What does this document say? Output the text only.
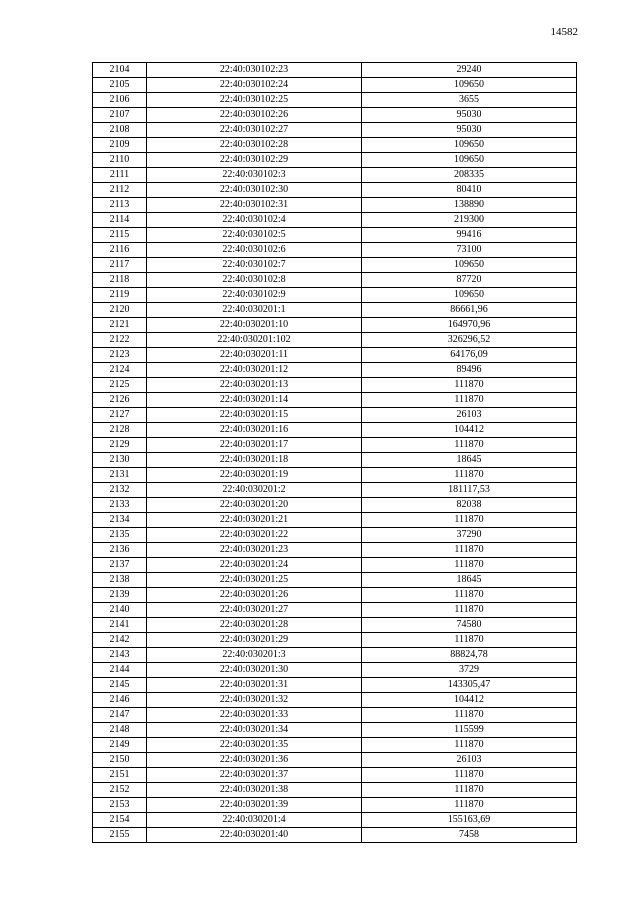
14582
2104	22:40:030102:23	29240
2105	22:40:030102:24	109650
2106	22:40:030102:25	3655
2107	22:40:030102:26	95030
2108	22:40:030102:27	95030
2109	22:40:030102:28	109650
2110	22:40:030102:29	109650
2111	22:40:030102:3	208335
2112	22:40:030102:30	80410
2113	22:40:030102:31	138890
2114	22:40:030102:4	219300
2115	22:40:030102:5	99416
2116	22:40:030102:6	73100
2117	22:40:030102:7	109650
2118	22:40:030102:8	87720
2119	22:40:030102:9	109650
2120	22:40:030201:1	86661,96
2121	22:40:030201:10	164970,96
2122	22:40:030201:102	326296,52
2123	22:40:030201:11	64176,09
2124	22:40:030201:12	89496
2125	22:40:030201:13	111870
2126	22:40:030201:14	111870
2127	22:40:030201:15	26103
2128	22:40:030201:16	104412
2129	22:40:030201:17	111870
2130	22:40:030201:18	18645
2131	22:40:030201:19	111870
2132	22:40:030201:2	181117,53
2133	22:40:030201:20	82038
2134	22:40:030201:21	111870
2135	22:40:030201:22	37290
2136	22:40:030201:23	111870
2137	22:40:030201:24	111870
2138	22:40:030201:25	18645
2139	22:40:030201:26	111870
2140	22:40:030201:27	111870
2141	22:40:030201:28	74580
2142	22:40:030201:29	111870
2143	22:40:030201:3	88824,78
2144	22:40:030201:30	3729
2145	22:40:030201:31	143305,47
2146	22:40:030201:32	104412
2147	22:40:030201:33	111870
2148	22:40:030201:34	115599
2149	22:40:030201:35	111870
2150	22:40:030201:36	26103
2151	22:40:030201:37	111870
2152	22:40:030201:38	111870
2153	22:40:030201:39	111870
2154	22:40:030201:4	155163,69
2155	22:40:030201:40	7458
